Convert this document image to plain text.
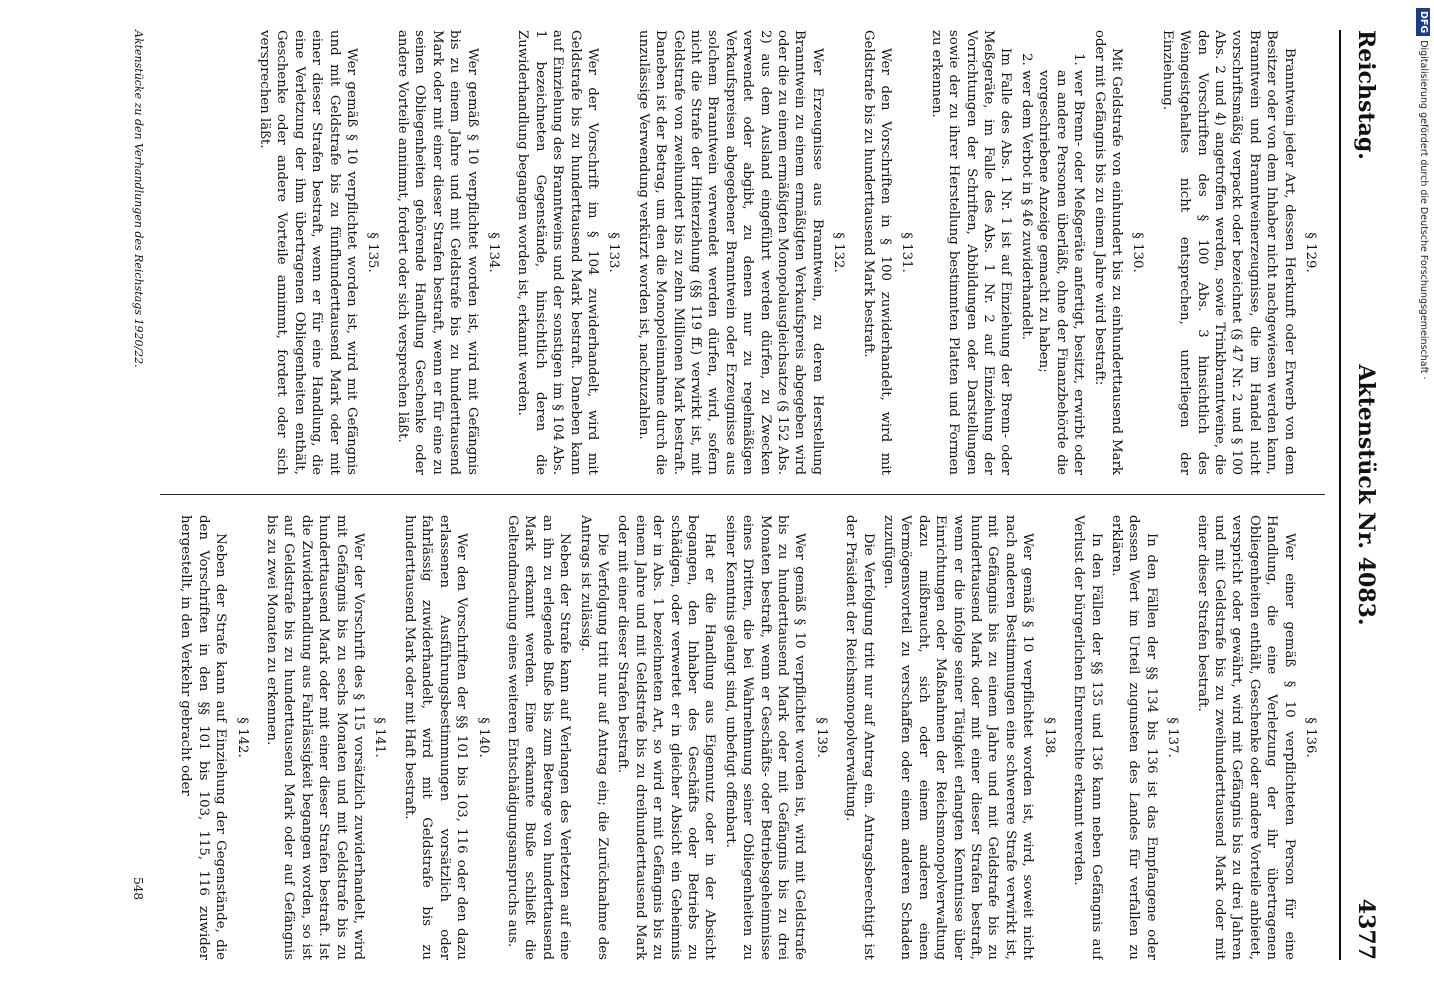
Reichstag.
Aktenstück Nr. 4083.
4377
§ 129.

Branntwein jeder Art, dessen Herkunft oder Erwerb von dem Besitzer oder von dem Inhaber nicht nachgewiesen werden kann, Branntwein und Branntweinerzeugnisse, die im Handel nicht vorschriftsmäßig verpackt oder bezeichnet (§ 47 Nr. 2 und § 100 Abs. 2 und 4) angetroffen werden, sowie Trinkbranntweine, die den Vorschriften des § 100 Abs. 3 hinsichtlich des Weingeistgehaltes nicht entsprechen, unterliegen der Einziehung.

§ 130.

Mit Geldstrafe von einhundert bis zu einhunderttausend Mark oder mit Gefängnis bis zu einem Jahre wird bestraft:

1. wer Brenn- oder Meßgeräte anfertigt, besitzt, erwirbt oder an andere Personen überläßt, ohne der Finanzbehörde die vorgeschriebene Anzeige gemacht zu haben;
2. wer dem Verbot in § 46 zuwiderhandelt.

Im Falle des Abs. 1 Nr. 1 ist auf Einziehung der Brenn- oder Meßgeräte, im Falle des Abs. 1 Nr. 2 auf Einziehung der Vorrichtungen der Schriften, Abbildungen oder Darstellungen sowie der zu ihrer Herstellung bestimmten Platten und Formen zu erkennen.

§ 131.

Wer den Vorschriften in § 100 zuwiderhandelt, wird mit Geldstrafe bis zu hunderttausend Mark bestraft.

§ 132.

Wer Erzeugnisse aus Branntwein, zu deren Herstellung Branntwein zu einem ermäßigten Verkaufspreis abgegeben wird oder die zu einem ermäßigten Monopolausgleichsatze (§ 152 Abs. 2) aus dem Ausland eingeführt werden dürfen, zu Zwecken verwendet oder abgibt, zu denen nur zu regelmäßigen Verkaufspreisen abgegebener Branntwein oder Erzeugnisse aus solchem Branntwein verwendet werden dürfen, wird, sofern nicht die Strafe der Hinterziehung (§§ 119 ff.) verwirkt ist, mit Geldstrafe von zweihundert bis zu zehn Millionen Mark bestraft. Daneben ist der Betrag, um den die Monopoleinnahme durch die unzulässige Verwendung verkürzt worden ist, nachzuzahlen.

§ 133.

Wer der Vorschrift im § 104 zuwiderhandelt, wird mit Geldstrafe bis zu hunderttausend Mark bestraft. Daneben kann auf Einziehung des Branntweins und der sonstigen im § 104 Abs. 1 bezeichneten Gegenstände, hinsichtlich deren die Zuwiderhandlung begangen worden ist, erkannt werden.

§ 134.

Wer gemäß § 10 verpflichtet worden ist, wird mit Gefängnis bis zu einem Jahre und mit Geldstrafe bis zu hunderttausend Mark oder mit einer dieser Strafen bestraft, wenn er für eine zu seinen Obliegenheiten gehörende Handlung Geschenke oder andere Vorteile annimmt, fordert oder sich versprechen läßt.

§ 135.

Wer gemäß § 10 verpflichtet worden ist, wird mit Gefängnis und mit Geldstrafe bis zu fünfhunderttausend Mark oder mit einer dieser Strafen bestraft, wenn er für eine Handlung, die eine Verletzung der ihm übertragenen Obliegenheiten enthält, Geschenke oder andere Vorteile annimmt, fordert oder sich versprechen läßt.

§ 136.

Wer einer gemäß § 10 verpflichteten Person für eine Handlung, die eine Verletzung der ihr übertragenen Obliegenheiten enthält, Geschenke oder andere Vorteile anbietet, verspricht oder gewährt, wird mit Gefängnis bis zu drei Jahren und mit Geldstrafe bis zu zweihunderttausend Mark oder mit einer dieser Strafen bestraft.

§ 137.

In den Fällen der §§ 134 bis 136 ist das Empfangene oder dessen Wert im Urteil zugunsten des Landes für verfallen zu erklären.

In den Fällen der §§ 135 und 136 kann neben Gefängnis auf Verlust der bürgerlichen Ehrenrechte erkannt werden.

§ 138.

Wer gemäß § 10 verpflichtet worden ist, wird, soweit nicht nach anderen Bestimmungen eine schwerere Strafe verwirkt ist, mit Gefängnis bis zu einem Jahre und mit Geldstrafe bis zu hunderttausend Mark oder mit einer dieser Strafen bestraft, wenn er die infolge seiner Tätigkeit erlangten Kenntnisse über Einrichtungen oder Maßnahmen der Reichsmonopolverwaltung dazu mißbraucht, sich oder einem anderen einen Vermögensvorteil zu verschaffen oder einem anderen Schaden zuzufügen.

Die Verfolgung tritt nur auf Antrag ein. Antragsberechtigt ist der Präsident der Reichsmonopolverwaltung.

§ 139.

Wer gemäß § 10 verpflichtet worden ist, wird mit Geldstrafe bis zu hunderttausend Mark oder mit Gefängnis bis zu drei Monaten bestraft, wenn er Geschäfts- oder Betriebsgeheimnisse eines Dritten, die bei Wahrnehmung seiner Obliegenheiten zu seiner Kenntnis gelangt sind, unbefugt offenbart.

Hat er die Handlung aus Eigennutz oder in der Absicht begangen, den Inhaber des Geschäfts oder Betriebs zu schädigen, oder verwertet er in gleicher Absicht ein Geheimnis der in Abs. 1 bezeichneten Art, so wird er mit Gefängnis bis zu einem Jahre und mit Geldstrafe bis zu dreihunderttausend Mark oder mit einer dieser Strafen bestraft.

Die Verfolgung tritt nur auf Antrag ein; die Zurücknahme des Antrags ist zulässig.

Neben der Strafe kann auf Verlangen des Verletzten auf eine an ihn zu erlegende Buße bis zum Betrage von hunderttausend Mark erkannt werden. Eine erkannte Buße schließt die Geltendmachung eines weiteren Entschädigungsanspruchs aus.

§ 140.

Wer den Vorschriften der §§ 101 bis 103, 116 oder den dazu erlassenen Ausführungsbestimmungen vorsätzlich oder fahrlässig zuwiderhandelt, wird mit Geldstrafe bis zu hunderttausend Mark oder mit Haft bestraft.

§ 141.

Wer der Vorschrift des § 115 vorsätzlich zuwiderhandelt, wird mit Gefängnis bis zu sechs Monaten und mit Geldstrafe bis zu hunderttausend Mark oder mit einer dieser Strafen bestraft. Ist die Zuwiderhandlung aus Fahrlässigkeit begangen worden, so ist auf Geldstrafe bis zu hunderttausend Mark oder auf Gefängnis bis zu zwei Monaten zu erkennen.

§ 142.

Neben der Strafe kann auf Einziehung der Gegenstände, die den Vorschriften in den §§ 101 bis 103, 115, 116 zuwider hergestellt, in den Verkehr gebracht oder

Aktenstücke zu den Verhandlungen des Reichstags 1920/22.
548
DFGDigitalisierung gefördert durch die Deutsche Forschungsgemeinschaft ·
